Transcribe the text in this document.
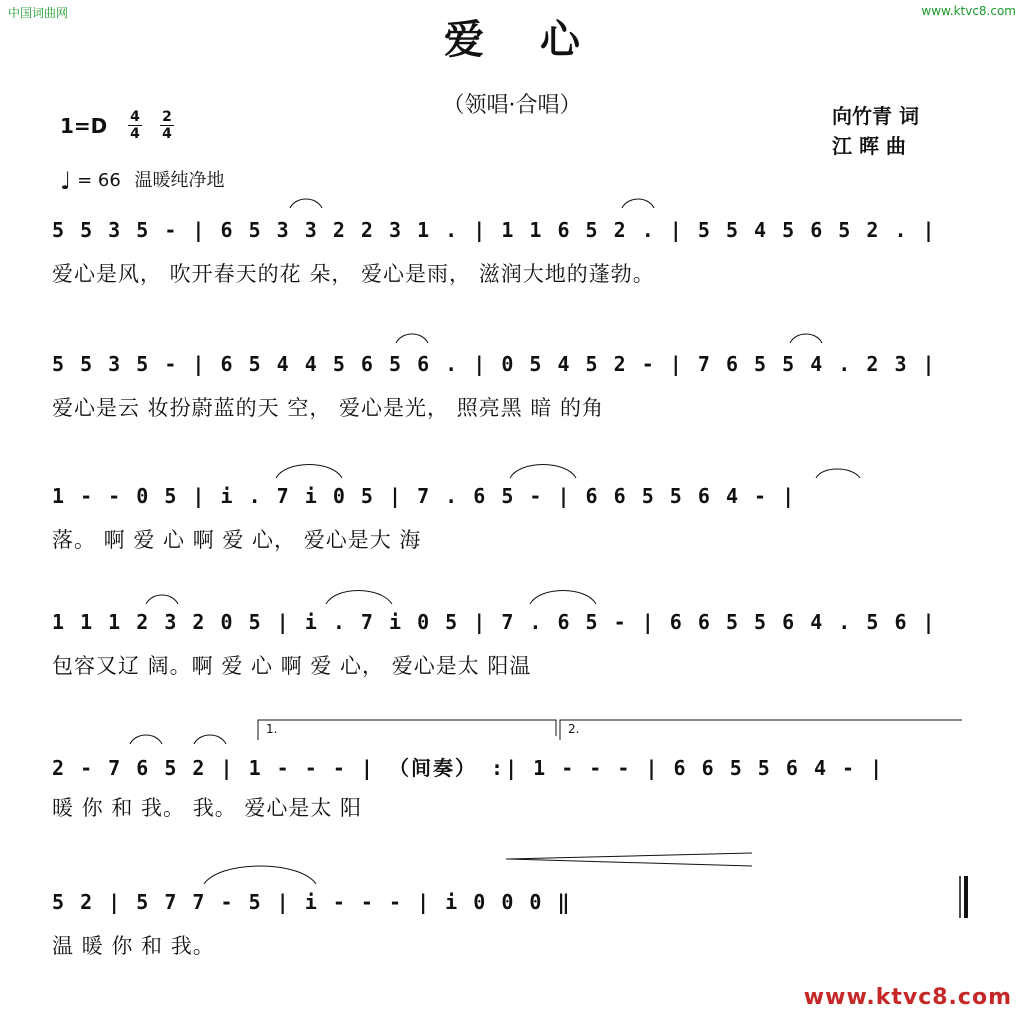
中国词曲网	www.ktvc8.com
爱心
（领唱·合唱）	向竹青 词
江 晖 曲
1=D 4
4
2
4
♩ = 66 温暖纯净地
5 5 3 5 - | 6 5 3 3 2 2 3 1 . | 1 1 6 5 2 . | 5 5 4 5 6 5 2 . |
爱心是风， 吹开春天的花 朵， 爱心是雨， 滋润大地的蓬勃。
5 5 3 5 - | 6 5 4 4 5 6 5 6 . | 0 5 4 5 2 - | 7 6 5 5 4 . 2 3 |
爱心是云 妆扮蔚蓝的天 空， 爱心是光， 照亮黑 暗 的角
1 - - 0 5 | i . 7 i 0 5 | 7 . 6 5 - | 6 6 5 5 6 4 - |
落。 啊 爱 心 啊 爱 心， 爱心是大 海
1 1 1 2 3 2 0 5 | i . 7 i 0 5 | 7 . 6 5 - | 6 6 5 5 6 4 . 5 6 |
包容又辽 阔。啊 爱 心 啊 爱 心， 爱心是太 阳温
1.	2.
2 - 7 6 5 2 | 1 - - - | （间奏） :| 1 - - - | 6 6 5 5 6 4 - |
暖 你 和 我。 我。 爱心是太 阳
5 2 | 5 7 7 - 5 | i - - - | i 0 0 0 ‖
温 暖 你 和 我。
www.ktvc8.com
